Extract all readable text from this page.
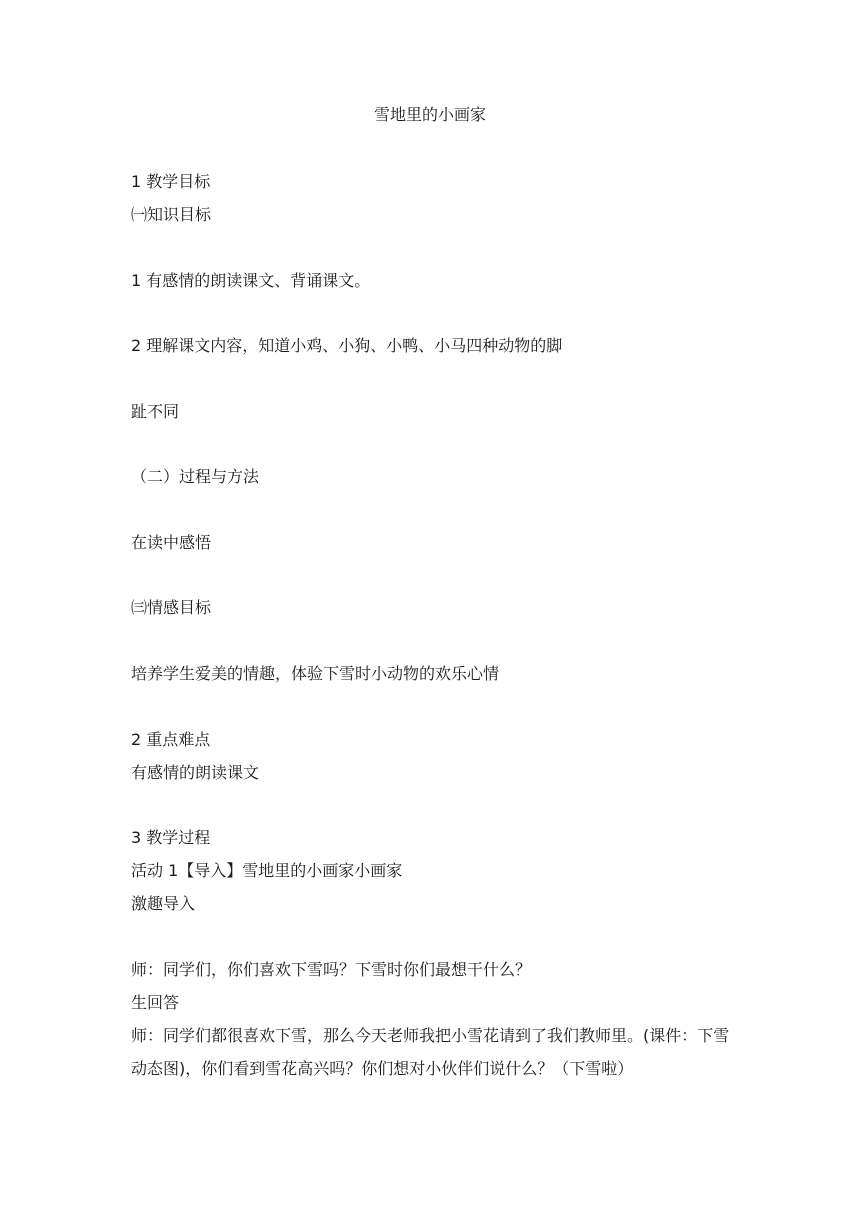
雪地里的小画家
1 教学目标
㈠知识目标
1 有感情的朗读课文、背诵课文。
2 理解课文内容，知道小鸡、小狗、小鸭、小马四种动物的脚
趾不同
（二）过程与方法
在读中感悟
㈢情感目标
培养学生爱美的情趣，体验下雪时小动物的欢乐心情
2 重点难点
有感情的朗读课文
3 教学过程
活动 1【导入】雪地里的小画家小画家
激趣导入
师：同学们，你们喜欢下雪吗？下雪时你们最想干什么？
生回答
师：同学们都很喜欢下雪，那么今天老师我把小雪花请到了我们教师里。(课件：下雪动态图)，你们看到雪花高兴吗？你们想对小伙伴们说什么？（下雪啦）
